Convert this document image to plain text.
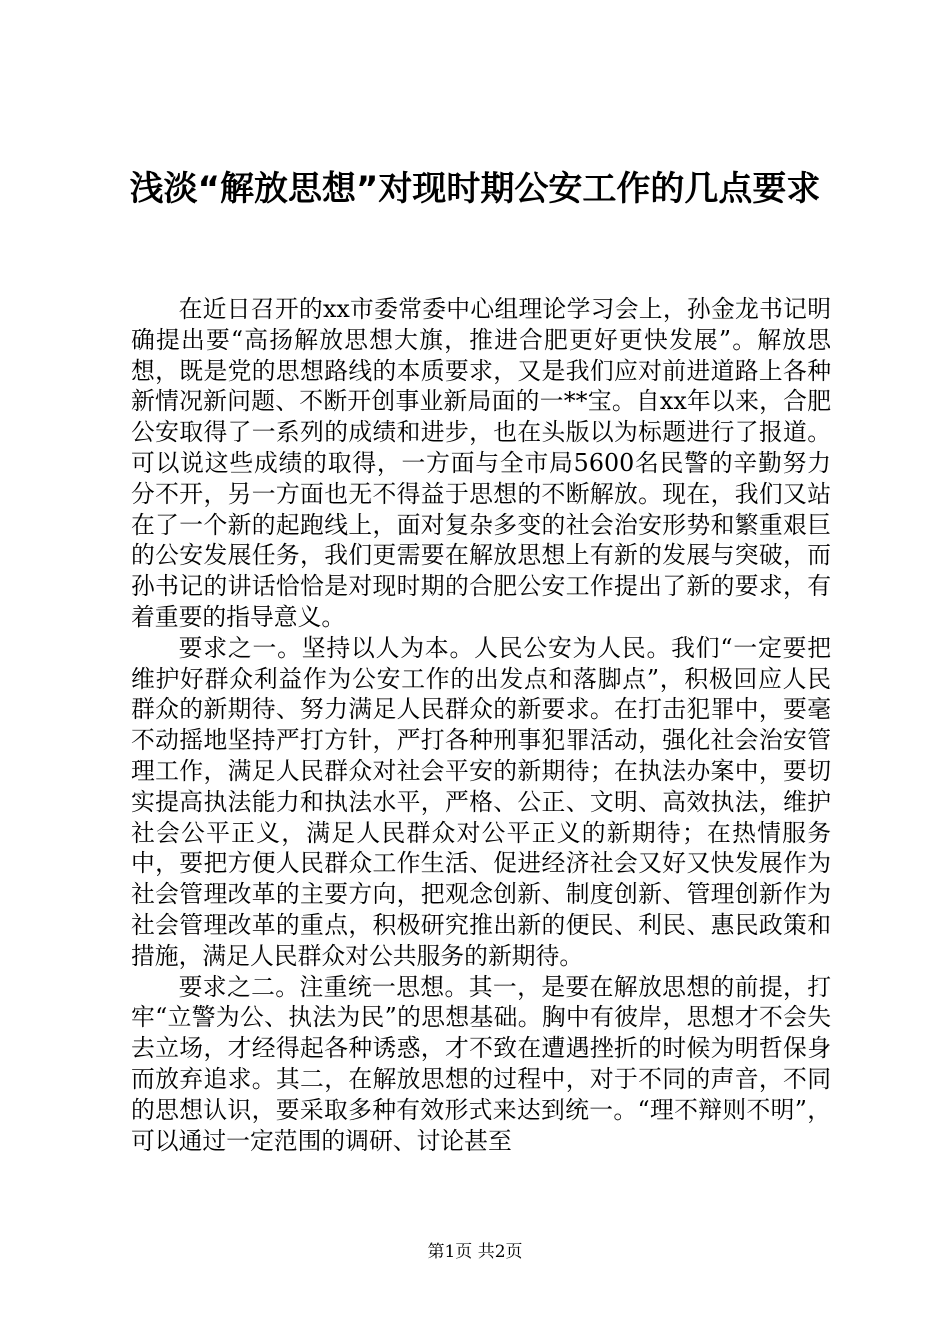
浅淡“解放思想”对现时期公安工作的几点要求

在近日召开的xx市委常委中心组理论学习会上，孙金龙书记明确提出要“高扬解放思想大旗，推进合肥更好更快发展”。解放思想，既是党的思想路线的本质要求，又是我们应对前进道路上各种新情况新问题、不断开创事业新局面的一**宝。自xx年以来，合肥公安取得了一系列的成绩和进步，也在头版以为标题进行了报道。可以说这些成绩的取得，一方面与全市局5600名民警的辛勤努力分不开，另一方面也无不得益于思想的不断解放。现在，我们又站在了一个新的起跑线上，面对复杂多变的社会治安形势和繁重艰巨的公安发展任务，我们更需要在解放思想上有新的发展与突破，而孙书记的讲话恰恰是对现时期的合肥公安工作提出了新的要求，有着重要的指导意义。

要求之一。坚持以人为本。人民公安为人民。我们“一定要把维护好群众利益作为公安工作的出发点和落脚点”，积极回应人民群众的新期待、努力满足人民群众的新要求。在打击犯罪中，要毫不动摇地坚持严打方针，严打各种刑事犯罪活动，强化社会治安管理工作，满足人民群众对社会平安的新期待；在执法办案中，要切实提高执法能力和执法水平，严格、公正、文明、高效执法，维护社会公平正义，满足人民群众对公平正义的新期待；在热情服务中，要把方便人民群众工作生活、促进经济社会又好又快发展作为社会管理改革的主要方向，把观念创新、制度创新、管理创新作为社会管理改革的重点，积极研究推出新的便民、利民、惠民政策和措施，满足人民群众对公共服务的新期待。

要求之二。注重统一思想。其一，是要在解放思想的前提，打牢“立警为公、执法为民”的思想基础。胸中有彼岸，思想才不会失去立场，才经得起各种诱惑，才不致在遭遇挫折的时候为明哲保身而放弃追求。其二，在解放思想的过程中，对于不同的声音，不同的思想认识，要采取多种有效形式来达到统一。“理不辩则不明”，可以通过一定范围的调研、讨论甚至

第1页 共2页
